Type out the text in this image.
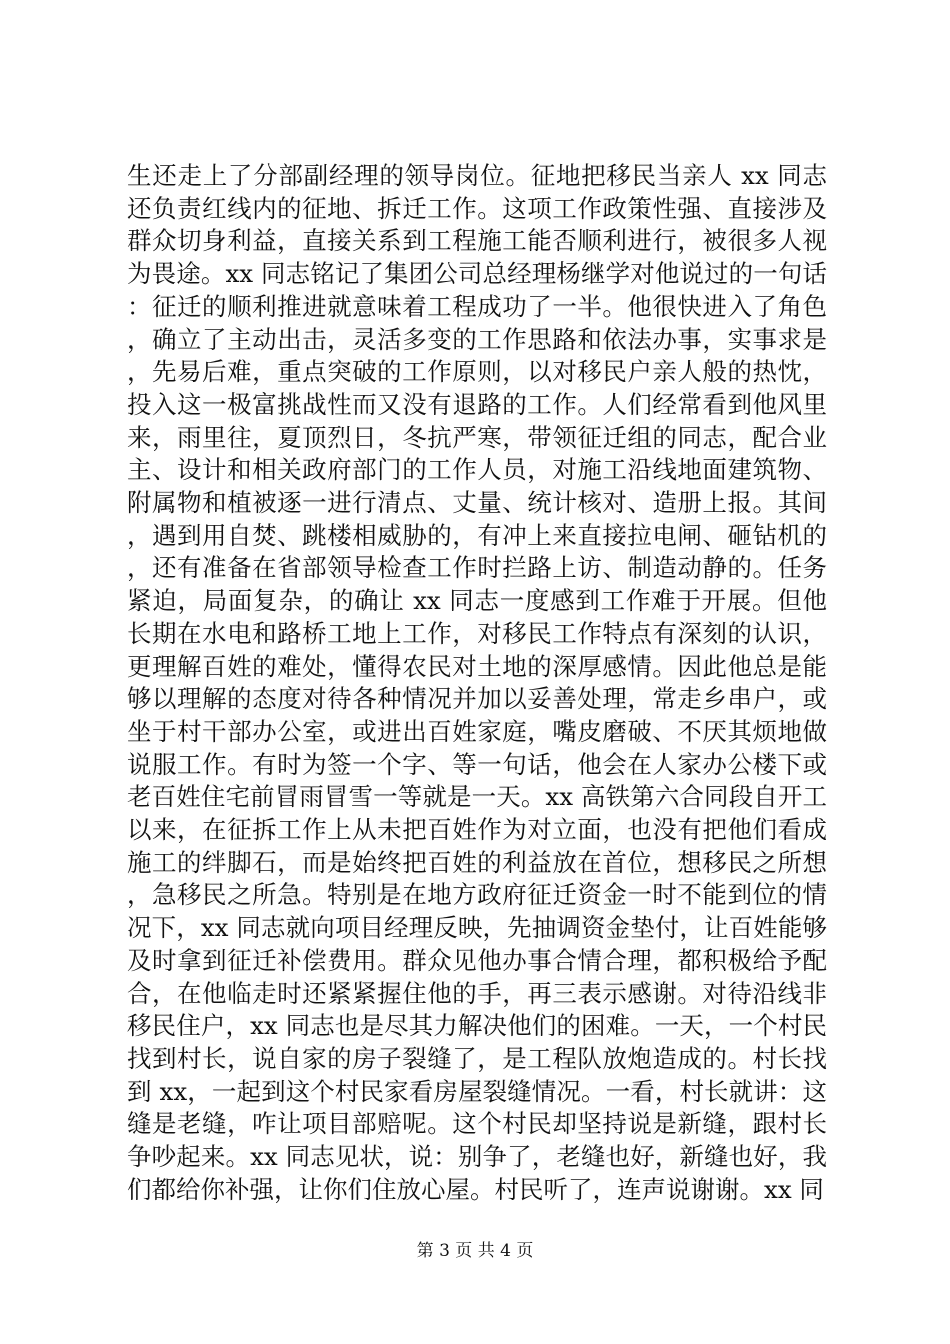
生还走上了分部副经理的领导岗位。征地把移民当亲人 xx 同志还负责红线内的征地、拆迁工作。这项工作政策性强、直接涉及群众切身利益，直接关系到工程施工能否顺利进行，被很多人视为畏途。xx 同志铭记了集团公司总经理杨继学对他说过的一句话：征迁的顺利推进就意味着工程成功了一半。他很快进入了角色，确立了主动出击，灵活多变的工作思路和依法办事，实事求是，先易后难，重点突破的工作原则，以对移民户亲人般的热忱，投入这一极富挑战性而又没有退路的工作。人们经常看到他风里来，雨里往，夏顶烈日，冬抗严寒，带领征迁组的同志，配合业主、设计和相关政府部门的工作人员，对施工沿线地面建筑物、附属物和植被逐一进行清点、丈量、统计核对、造册上报。其间，遇到用自焚、跳楼相威胁的，有冲上来直接拉电闸、砸钻机的，还有准备在省部领导检查工作时拦路上访、制造动静的。任务紧迫，局面复杂，的确让 xx 同志一度感到工作难于开展。但他长期在水电和路桥工地上工作，对移民工作特点有深刻的认识，更理解百姓的难处，懂得农民对土地的深厚感情。因此他总是能够以理解的态度对待各种情况并加以妥善处理，常走乡串户，或坐于村干部办公室，或进出百姓家庭，嘴皮磨破、不厌其烦地做说服工作。有时为签一个字、等一句话，他会在人家办公楼下或老百姓住宅前冒雨冒雪一等就是一天。xx 高铁第六合同段自开工以来，在征拆工作上从未把百姓作为对立面，也没有把他们看成施工的绊脚石，而是始终把百姓的利益放在首位，想移民之所想，急移民之所急。特别是在地方政府征迁资金一时不能到位的情况下，xx 同志就向项目经理反映，先抽调资金垫付，让百姓能够及时拿到征迁补偿费用。群众见他办事合情合理，都积极给予配合，在他临走时还紧紧握住他的手，再三表示感谢。对待沿线非移民住户，xx 同志也是尽其力解决他们的困难。一天，一个村民找到村长，说自家的房子裂缝了，是工程队放炮造成的。村长找到 xx，一起到这个村民家看房屋裂缝情况。一看，村长就讲：这缝是老缝，咋让项目部赔呢。这个村民却坚持说是新缝，跟村长争吵起来。xx 同志见状，说：别争了，老缝也好，新缝也好，我们都给你补强，让你们住放心屋。村民听了，连声说谢谢。xx 同

第 3 页 共 4 页
